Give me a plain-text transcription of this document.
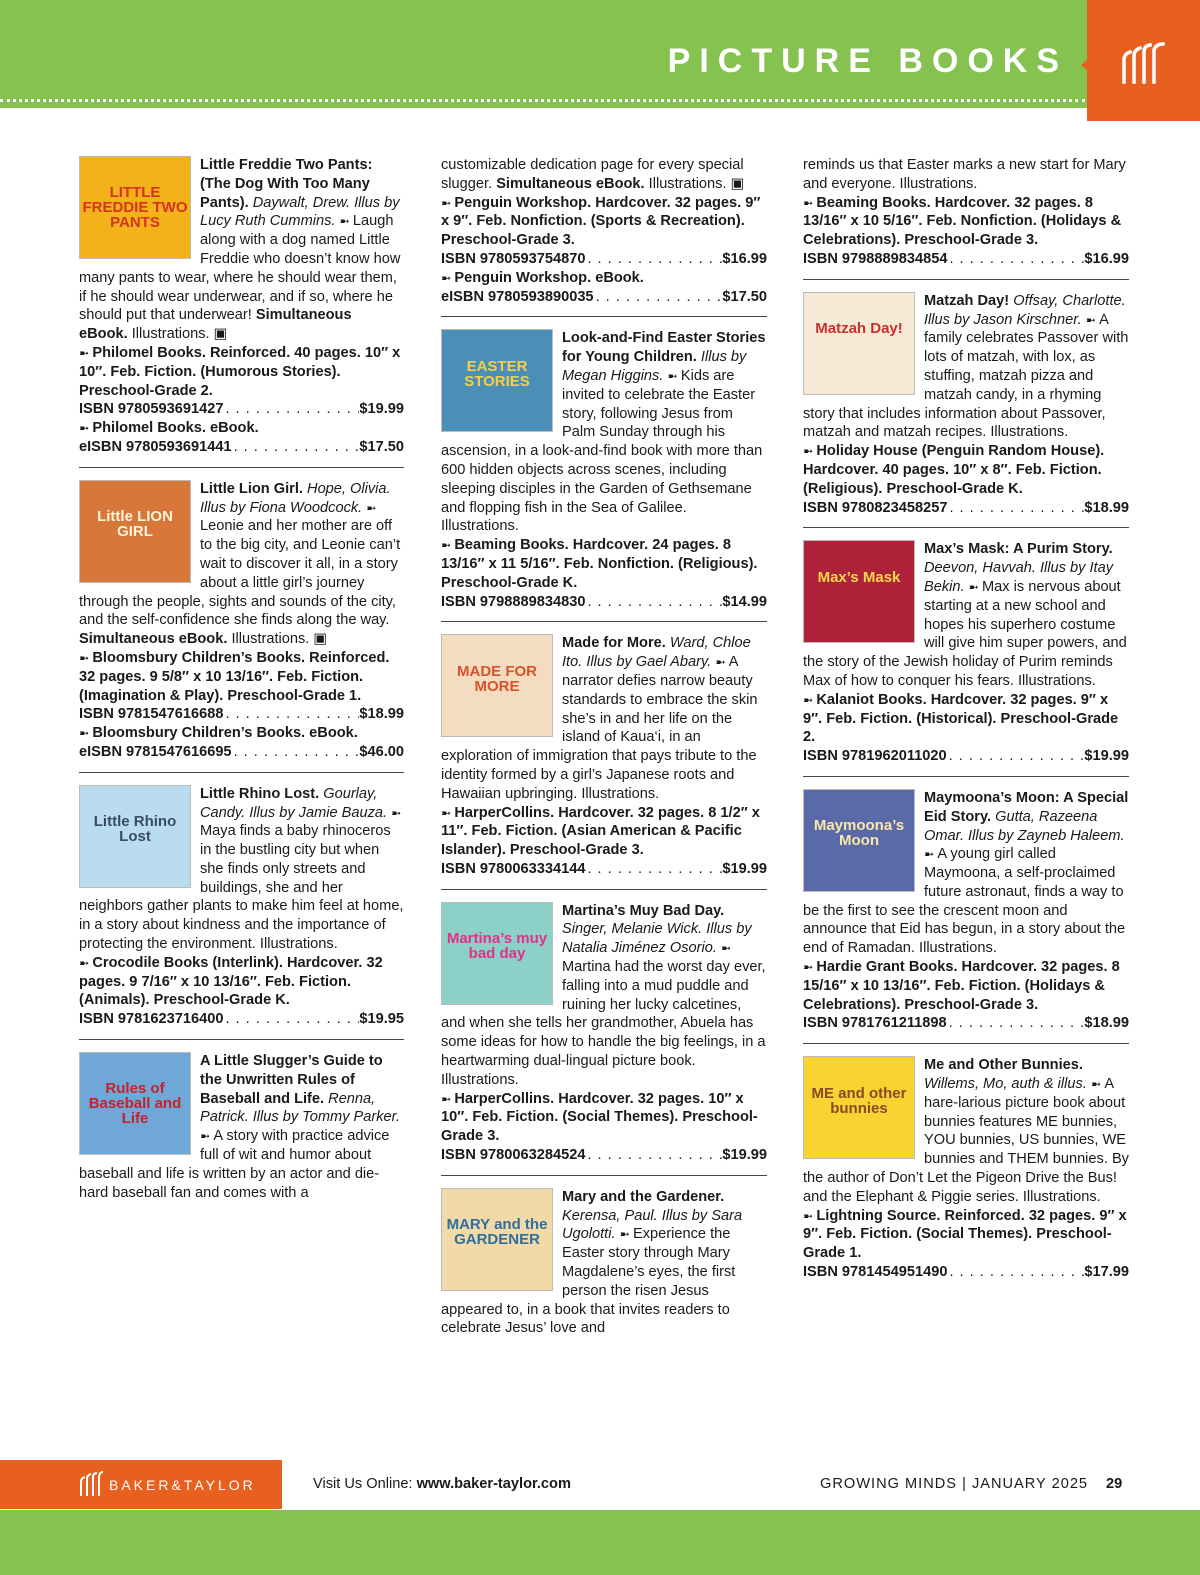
PICTURE BOOKS
LITTLE FREDDIE TWO PANTS

Little Freddie Two Pants: (The Dog With Too Many Pants). Daywalt, Drew. Illus by Lucy Ruth Cummins. ➼ Laugh along with a dog named Little Freddie who doesn’t know how many pants to wear, where he should wear them, if he should wear underwear, and if so, where he should put that underwear! Simultaneous eBook. Illustrations. ▣

➼ Philomel Books. Reinforced. 40 pages. 10″ x 10″. Feb. Fiction. (Humorous Stories). Preschool-Grade 2.

ISBN 9780593691427 . . .	$19.99

➼ Philomel Books. eBook.

eISBN 9780593691441 . . .	$17.50

Little LION GIRL

Little Lion Girl. Hope, Olivia. Illus by Fiona Woodcock. ➼ Leonie and her mother are off to the big city, and Leonie can’t wait to discover it all, in a story about a little girl’s journey through the people, sights and sounds of the city, and the self-confidence she finds along the way. Simultaneous eBook. Illustrations. ▣

➼ Bloomsbury Children’s Books. Reinforced. 32 pages. 9 5/8″ x 10 13/16″. Feb. Fiction. (Imagination & Play). Preschool-Grade 1.

ISBN 9781547616688 . . .	$18.99

➼ Bloomsbury Children’s Books. eBook.

eISBN 9781547616695 . . .	$46.00

Little Rhino Lost

Little Rhino Lost. Gourlay, Candy. Illus by Jamie Bauza. ➼ Maya finds a baby rhinoceros in the bustling city but when she finds only streets and buildings, she and her neighbors gather plants to make him feel at home, in a story about kindness and the importance of protecting the environment. Illustrations.

➼ Crocodile Books (Interlink). Hardcover. 32 pages. 9 7/16″ x 10 13/16″. Feb. Fiction. (Animals). Preschool-Grade K.

ISBN 9781623716400 . . .	$19.95

Rules of Baseball and Life

A Little Slugger’s Guide to the Unwritten Rules of Baseball and Life. Renna, Patrick. Illus by Tommy Parker. ➼ A story with practice advice full of wit and humor about baseball and life is written by an actor and die-hard baseball fan and comes with a

customizable dedication page for every special slugger. Simultaneous eBook. Illustrations. ▣

➼ Penguin Workshop. Hardcover. 32 pages. 9″ x 9″. Feb. Nonfiction. (Sports & Recreation). Preschool-Grade 3.

ISBN 9780593754870 . . .	$16.99

➼ Penguin Workshop. eBook.

eISBN 9780593890035 . . .	$17.50

EASTER STORIES

Look-and-Find Easter Stories for Young Children. Illus by Megan Higgins. ➼ Kids are invited to celebrate the Easter story, following Jesus from Palm Sunday through his ascension, in a look-and-find book with more than 600 hidden objects across scenes, including sleeping disciples in the Garden of Gethsemane and flopping fish in the Sea of Galilee. Illustrations.

➼ Beaming Books. Hardcover. 24 pages. 8 13/16″ x 11 5/16″. Feb. Nonfiction. (Religious). Preschool-Grade K.

ISBN 9798889834830 . . .	$14.99

MADE FOR MORE

Made for More. Ward, Chloe Ito. Illus by Gael Abary. ➼ A narrator defies narrow beauty standards to embrace the skin she’s in and her life on the island of Kaua‘i, in an exploration of immigration that pays tribute to the identity formed by a girl’s Japanese roots and Hawaiian upbringing. Illustrations.

➼ HarperCollins. Hardcover. 32 pages. 8 1/2″ x 11″. Feb. Fiction. (Asian American & Pacific Islander). Preschool-Grade 3.

ISBN 9780063334144 . . .	$19.99

Martina’s muy bad day

Martina’s Muy Bad Day. Singer, Melanie Wick. Illus by Natalia Jiménez Osorio. ➼ Martina had the worst day ever, falling into a mud puddle and ruining her lucky calcetines, and when she tells her grandmother, Abuela has some ideas for how to handle the big feelings, in a heartwarming dual-lingual picture book. Illustrations.

➼ HarperCollins. Hardcover. 32 pages. 10″ x 10″. Feb. Fiction. (Social Themes). Preschool-Grade 3.

ISBN 9780063284524 . . .	$19.99

MARY and the GARDENER

Mary and the Gardener. Kerensa, Paul. Illus by Sara Ugolotti. ➼ Experience the Easter story through Mary Magdalene’s eyes, the first person the risen Jesus appeared to, in a book that invites readers to celebrate Jesus’ love and

reminds us that Easter marks a new start for Mary and everyone. Illustrations.

➼ Beaming Books. Hardcover. 32 pages. 8 13/16″ x 10 5/16″. Feb. Nonfiction. (Holidays & Celebrations). Preschool-Grade 3.

ISBN 9798889834854 . . .	$16.99

Matzah Day!

Matzah Day! Offsay, Charlotte. Illus by Jason Kirschner. ➼ A family celebrates Passover with lots of matzah, with lox, as stuffing, matzah pizza and matzah candy, in a rhyming story that includes information about Passover, matzah and matzah recipes. Illustrations.

➼ Holiday House (Penguin Random House). Hardcover. 40 pages. 10″ x 8″. Feb. Fiction. (Religious). Preschool-Grade K.

ISBN 9780823458257 . . .	$18.99

Max’s Mask

Max’s Mask: A Purim Story. Deevon, Havvah. Illus by Itay Bekin. ➼ Max is nervous about starting at a new school and hopes his superhero costume will give him super powers, and the story of the Jewish holiday of Purim reminds Max of how to conquer his fears. Illustrations.

➼ Kalaniot Books. Hardcover. 32 pages. 9″ x 9″. Feb. Fiction. (Historical). Preschool-Grade 2.

ISBN 9781962011020 . . .	$19.99

Maymoona’s Moon

Maymoona’s Moon: A Special Eid Story. Gutta, Razeena Omar. Illus by Zayneb Haleem. ➼ A young girl called Maymoona, a self-proclaimed future astronaut, finds a way to be the first to see the crescent moon and announce that Eid has begun, in a story about the end of Ramadan. Illustrations.

➼ Hardie Grant Books. Hardcover. 32 pages. 8 15/16″ x 10 13/16″. Feb. Fiction. (Holidays & Celebrations). Preschool-Grade 3.

ISBN 9781761211898 . . .	$18.99

ME and other bunnies

Me and Other Bunnies. Willems, Mo, auth & illus. ➼ A hare-larious picture book about bunnies features ME bunnies, YOU bunnies, US bunnies, WE bunnies and THEM bunnies. By the author of Don’t Let the Pigeon Drive the Bus! and the Elephant & Piggie series. Illustrations.

➼ Lightning Source. Reinforced. 32 pages. 9″ x 9″. Feb. Fiction. (Social Themes). Preschool-Grade 1.

ISBN 9781454951490 . . .	$17.99

BAKER&TAYLOR	Visit Us Online: www.baker-taylor.com	GROWING MINDS | JANUARY 2025 29
